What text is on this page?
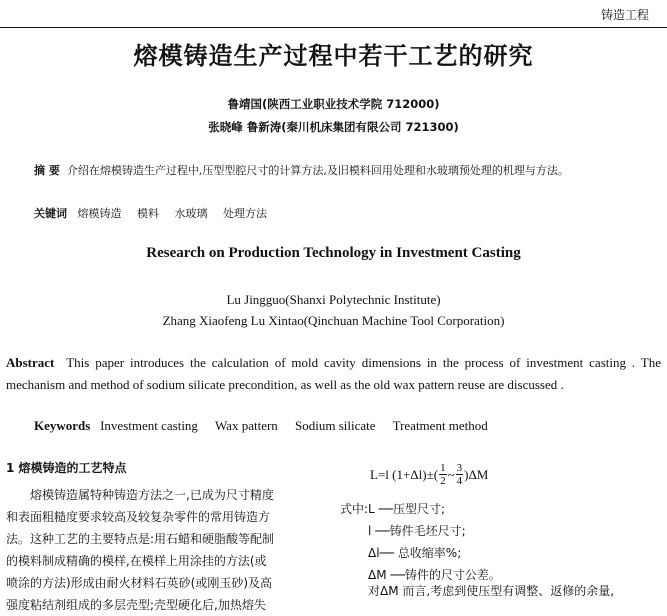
铸造工程
熔模铸造生产过程中若干工艺的研究
鲁靖国(陕西工业职业技术学院 712000)
张晓峰 鲁新涛(秦川机床集团有限公司 721300)
摘 要 介绍在熔模铸造生产过程中,压型型腔尺寸的计算方法,及旧模料回用处理和水玻璃预处理的机理与方法。
关键词 熔模铸造 模料 水玻璃 处理方法
Research on Production Technology in Investment Casting
Lu Jingguo(Shanxi Polytechnic Institute)
Zhang Xiaofeng Lu Xintao(Qinchuan Machine Tool Corporation)
Abstract This paper introduces the calculation of mold cavity dimensions in the process of investment casting . The mechanism and method of sodium silicate precondition, as well as the old wax pattern reuse are discussed .
Keywords Investment casting Wax pattern Sodium silicate Treatment method
1 熔模铸造的工艺特点

熔模铸造属特种铸造方法之一,已成为尺寸精度

和表面粗糙度要求较高及较复杂零件的常用铸造方

法。这种工艺的主要特点是:用石蜡和硬脂酸等配制

的模料制成精确的模样,在模样上用涂挂的方法(或

喷涂的方法)形成由耐火材料石英砂(或刚玉砂)及高

强度粘结剂组成的多层壳型;壳型硬化后,加热熔失

L=l $(1+\Delta l)\pm( \frac{1}{2}$ ~ $\frac{3}{4} )\Delta M$
式中:L ──压型尺寸;
l ──铸件毛坯尺寸;
Δl── 总收缩率%;
ΔM ──铸件的尺寸公差。
对ΔM 而言,考虑到使压型有调整、返修的余量,
